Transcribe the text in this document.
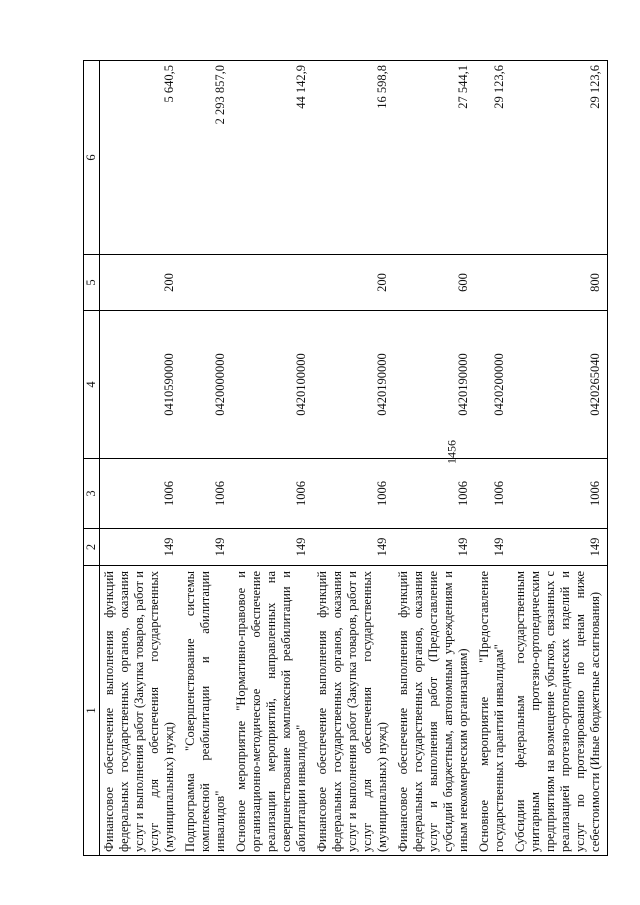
1456
1	2	3	4	5	6
Финансовое обеспечение выполнения функций федеральных государственных органов, оказания услуг и выполнения работ (Закупка товаров, работ и услуг для обеспечения государственных (муниципальных) нужд)	149	1006	0410590000	200	5 640,5
Подпрограмма "Совершенствование системы комплексной реабилитации и абилитации инвалидов"	149	1006	0420000000		2 293 857,0
Основное мероприятие "Нормативно-правовое и организационно-методическое обеспечение реализации мероприятий, направленных на совершенствование комплексной реабилитации и абилитации инвалидов"	149	1006	0420100000		44 142,9
Финансовое обеспечение выполнения функций федеральных государственных органов, оказания услуг и выполнения работ (Закупка товаров, работ и услуг для обеспечения государственных (муниципальных) нужд)	149	1006	0420190000	200	16 598,8
Финансовое обеспечение выполнения функций федеральных государственных органов, оказания услуг и выполнения работ (Предоставление субсидий бюджетным, автономным учреждениям и иным некоммерческим организациям)	149	1006	0420190000	600	27 544,1
Основное мероприятие "Предоставление государственных гарантий инвалидам"	149	1006	0420200000		29 123,6
Субсидии федеральным государственным унитарным протезно-ортопедическим предприятиям на возмещение убытков, связанных с реализацией протезно-ортопедических изделий и услуг по протезированию по ценам ниже себестоимости (Иные бюджетные ассигнования)	149	1006	0420265040	800	29 123,6
